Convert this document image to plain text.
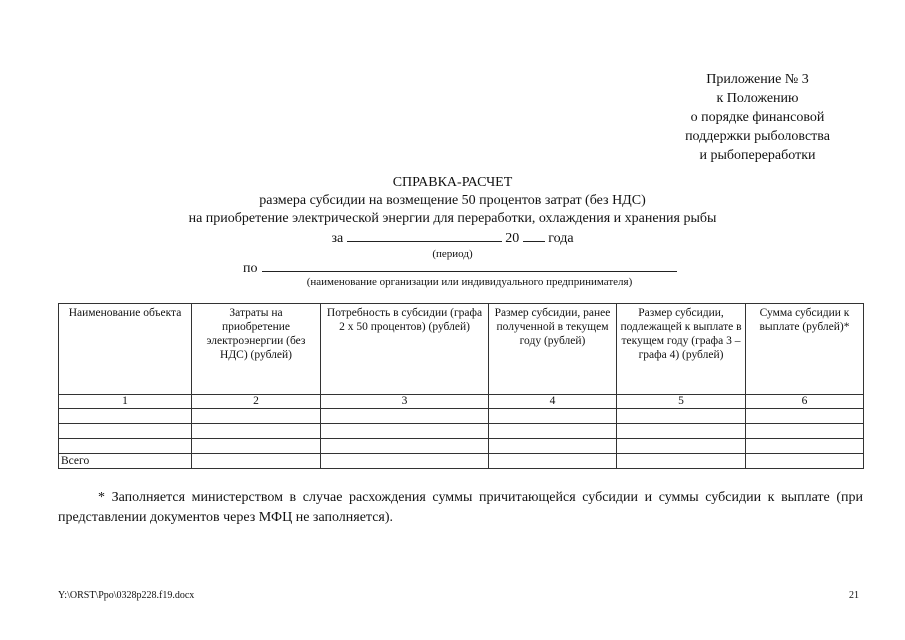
Приложение № 3
к Положению
о порядке финансовой
поддержки рыболовства
и рыбопереработки
СПРАВКА-РАСЧЕТ
размера субсидии на возмещение 50 процентов затрат (без НДС)
на приобретение электрической энергии для переработки, охлаждения и хранения рыбы
за	20 года
(период)
по
(наименование организации или индивидуального предпринимателя)
Наименование объекта	Затраты на приобретение электроэнергии (без НДС) (рублей)	Потребность в субсидии (графа 2 х 50 процентов) (рублей)	Размер субсидии, ранее полученной в текущем году (рублей)	Размер субсидии, подлежащей к выплате в текущем году (графа 3 – графа 4) (рублей)	Сумма субсидии к выплате (рублей)*
1	2	3	4	5	6

Всего					
* Заполняется министерством в случае расхождения суммы причитающейся субсидии и суммы субсидии к выплате (при представлении документов через МФЦ не заполняется).
Y:\ORST\Ppo\0328p228.f19.docx	21
